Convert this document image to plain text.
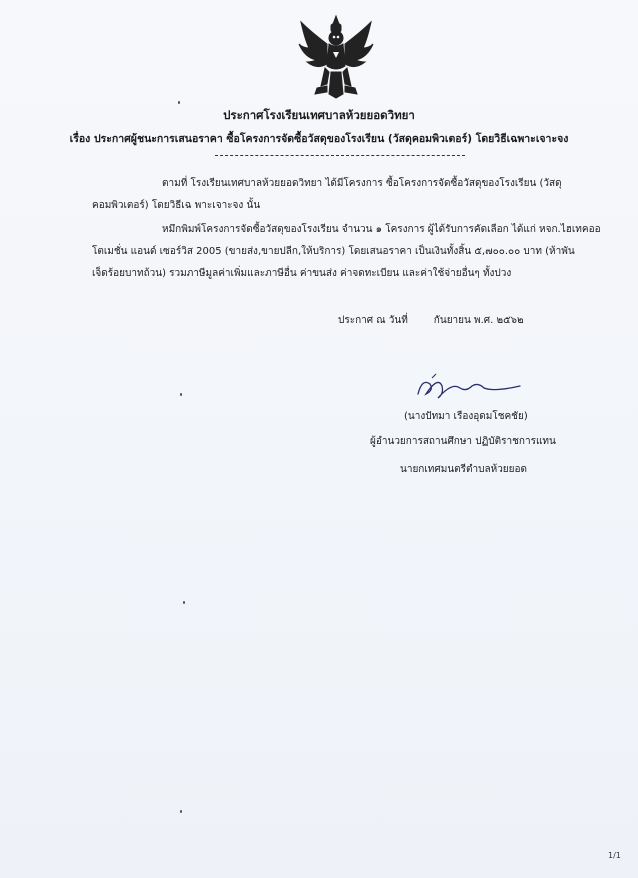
ประกาศโรงเรียนเทศบาลห้วยยอดวิทยา
เรื่อง ประกาศผู้ชนะการเสนอราคา ซื้อโครงการจัดซื้อวัสดุของโรงเรียน (วัสดุคอมพิวเตอร์) โดยวิธีเฉพาะเจาะจง
ตามที่ โรงเรียนเทศบาลห้วยยอดวิทยา ได้มีโครงการ ซื้อโครงการจัดซื้อวัสดุของโรงเรียน (วัสดุ
คอมพิวเตอร์) โดยวิธีเฉ พาะเจาะจง นั้น
หมึกพิมพ์โครงการจัดซื้อวัสดุของโรงเรียน จำนวน ๑ โครงการ ผู้ได้รับการคัดเลือก ได้แก่ หจก.ไฮเทคออ
โตเมชั่น แอนด์ เซอร์วิส 2005 (ขายส่ง,ขายปลีก,ให้บริการ) โดยเสนอราคา เป็นเงินทั้งสิ้น ๕,๗๐๐.๐๐ บาท (ห้าพัน
เจ็ดร้อยบาทถ้วน) รวมภาษีมูลค่าเพิ่มและภาษีอื่น ค่าขนส่ง ค่าจดทะเบียน และค่าใช้จ่ายอื่นๆ ทั้งปวง
ประกาศ ณ วันที่	กันยายน พ.ศ. ๒๕๖๒
(นางปัทมา เรืองอุดมโชคชัย)
ผู้อำนวยการสถานศึกษา ปฏิบัติราชการแทน
นายกเทศมนตรีตำบลห้วยยอด
1/1
